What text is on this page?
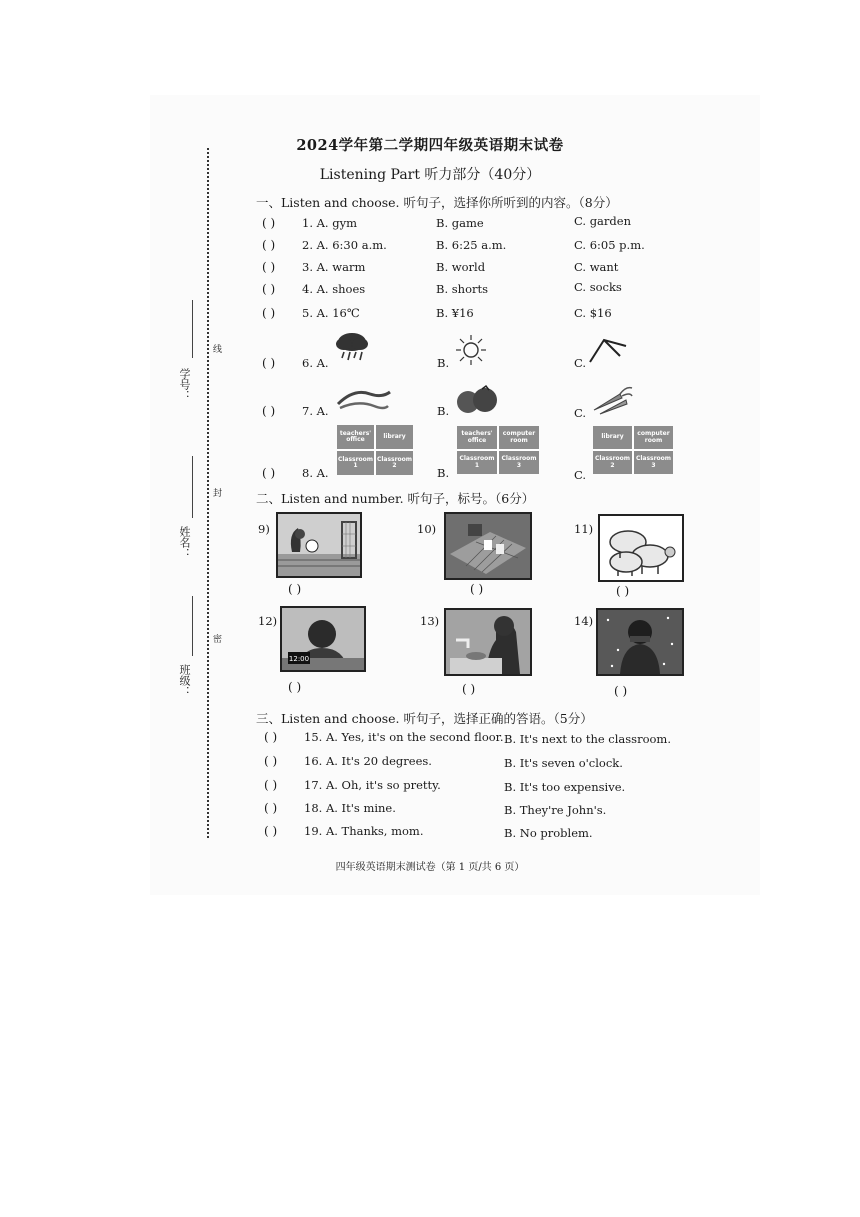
学号：
姓名：
班级：
线
封
密
2024学年第二学期四年级英语期末试卷
Listening Part 听力部分（40分）
一、Listen and choose. 听句子，选择你所听到的内容。（8分）
( ) 1. A. gym	B. game	C. garden
( ) 2. A. 6:30 a.m.	B. 6:25 a.m.	C. 6:05 p.m.
( ) 3. A. warm	B. world	C. want
( ) 4. A. shoes	B. shorts	C. socks
( ) 5. A. 16℃	B. ¥16	C. $16
( ) 6. A.	B.	C.
( ) 7. A.	B.	C.
( ) 8. A.
teachers' office	library
Classroom 1
Classroom 2
B.
teachers' office
computer room
Classroom 1
Classroom 3
C.
library	computer room
Classroom 2
Classroom 3
二、Listen and number. 听句子，标号。（6分）
9)
( )
10)
( )
11)
( )
12)
12:00
( )
13)
( )
14)
( )
三、Listen and choose. 听句子，选择正确的答语。（5分）
( ) 15. A. Yes, it's on the second floor. B. It's next to the classroom.
( ) 16. A. It's 20 degrees.	B. It's seven o'clock.
( ) 17. A. Oh, it's so pretty.	B. It's too expensive.
( ) 18. A. It's mine.	B. They're John's.
( ) 19. A. Thanks, mom.	B. No problem.
四年级英语期末测试卷（第 1 页/共 6 页）
